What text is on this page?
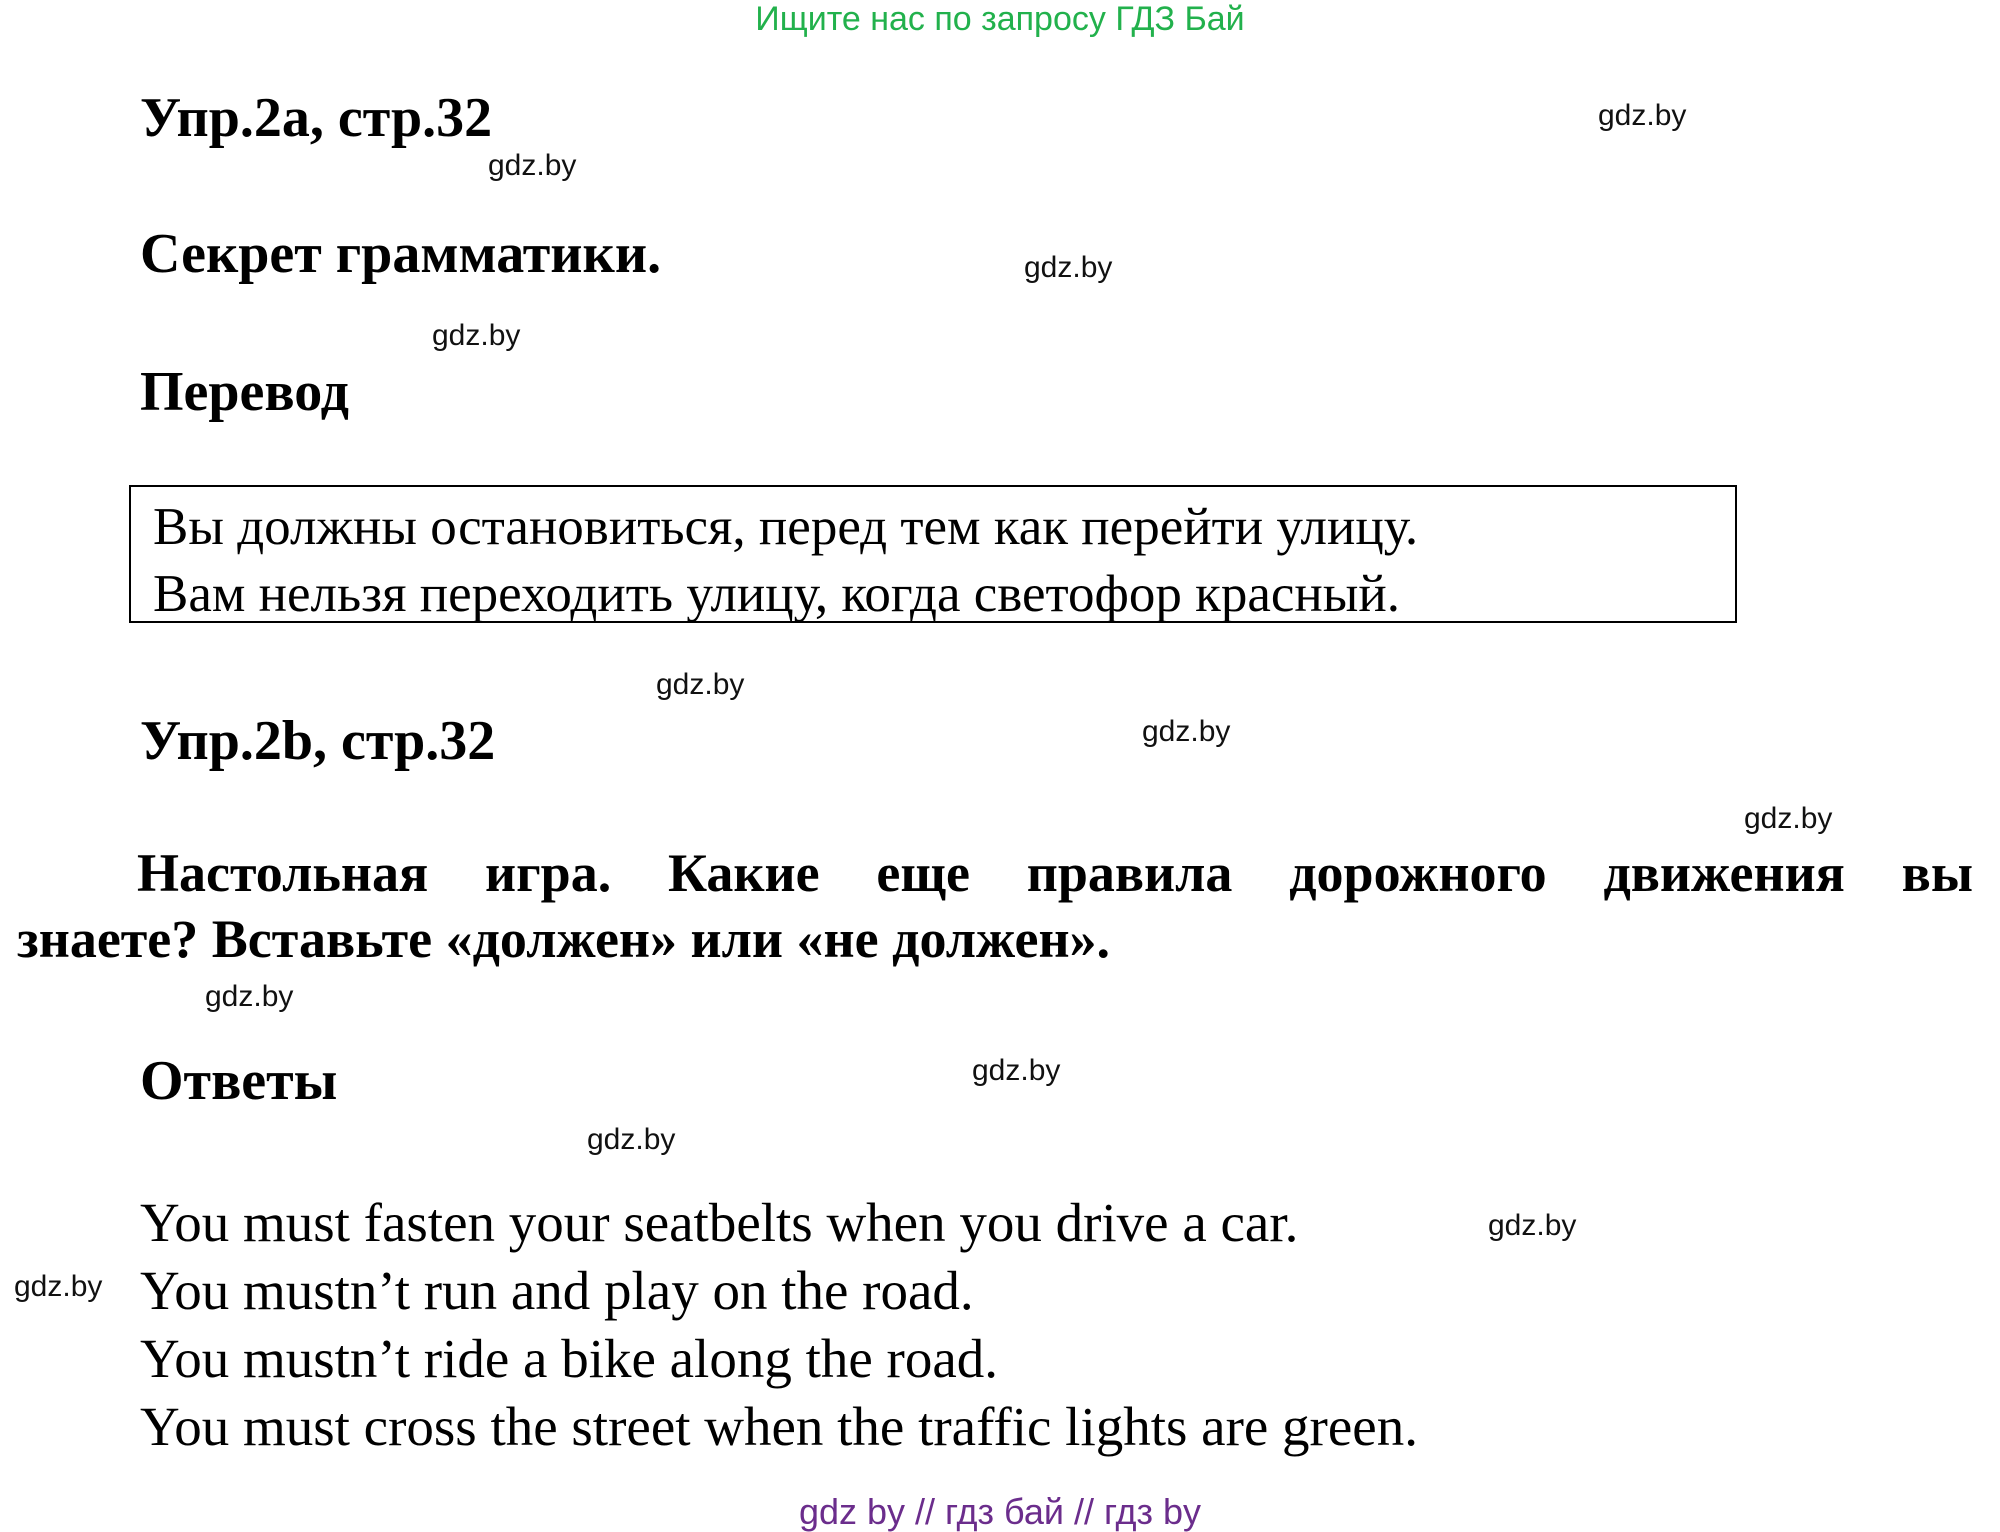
Ищите нас по запросу ГДЗ Бай
Упр.2a, стр.32
Секрет грамматики.
Перевод
Вы должны остановиться, перед тем как перейти улицу.
Вам нельзя переходить улицу, когда светофор красный.
Упр.2b, стр.32
Настольная игра. Какие еще правила дорожного движения вы
знаете? Вставьте «должен» или «не должен».
Ответы
You must fasten your seatbelts when you drive a car.
You mustn’t run and play on the road.
You mustn’t ride a bike along the road.
You must cross the street when the traffic lights are green.
gdz.by
gdz.by
gdz.by
gdz.by
gdz.by
gdz.by
gdz.by
gdz.by
gdz.by
gdz.by
gdz.by
gdz.by
gdz by // гдз бай // гдз by
